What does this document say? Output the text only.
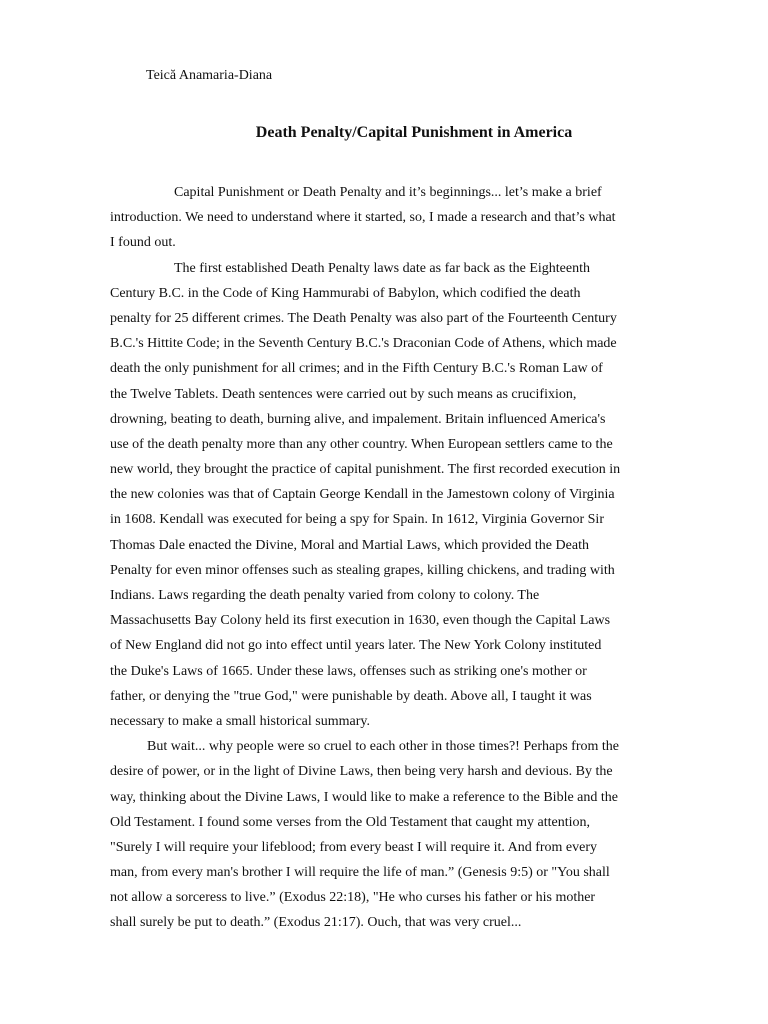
Teică Anamaria-Diana
Death Penalty/Capital Punishment in America
Capital Punishment or Death Penalty and it’s beginnings... let’s make a brief
introduction. We need to understand where it started, so, I made a research and that’s what
I found out.
The first established Death Penalty laws date as far back as the Eighteenth
Century B.C. in the Code of King Hammurabi of Babylon, which codified the death
penalty for 25 different crimes. The Death Penalty was also part of the Fourteenth Century
B.C.'s Hittite Code; in the Seventh Century B.C.'s Draconian Code of Athens, which made
death the only punishment for all crimes; and in the Fifth Century B.C.'s Roman Law of
the Twelve Tablets. Death sentences were carried out by such means as crucifixion,
drowning, beating to death, burning alive, and impalement. Britain influenced America's
use of the death penalty more than any other country. When European settlers came to the
new world, they brought the practice of capital punishment. The first recorded execution in
the new colonies was that of Captain George Kendall in the Jamestown colony of Virginia
in 1608. Kendall was executed for being a spy for Spain. In 1612, Virginia Governor Sir
Thomas Dale enacted the Divine, Moral and Martial Laws, which provided the Death
Penalty for even minor offenses such as stealing grapes, killing chickens, and trading with
Indians. Laws regarding the death penalty varied from colony to colony. The
Massachusetts Bay Colony held its first execution in 1630, even though the Capital Laws
of New England did not go into effect until years later. The New York Colony instituted
the Duke's Laws of 1665. Under these laws, offenses such as striking one's mother or
father, or denying the "true God," were punishable by death. Above all, I taught it was
necessary to make a small historical summary.
But wait... why people were so cruel to each other in those times?! Perhaps from the
desire of power, or in the light of Divine Laws, then being very harsh and devious. By the
way, thinking about the Divine Laws, I would like to make a reference to the Bible and the
Old Testament. I found some verses from the Old Testament that caught my attention,
"Surely I will require your lifeblood; from every beast I will require it. And from every
man, from every man's brother I will require the life of man.” (Genesis 9:5) or "You shall
not allow a sorceress to live.” (Exodus 22:18), "He who curses his father or his mother
shall surely be put to death.” (Exodus 21:17). Ouch, that was very cruel...
